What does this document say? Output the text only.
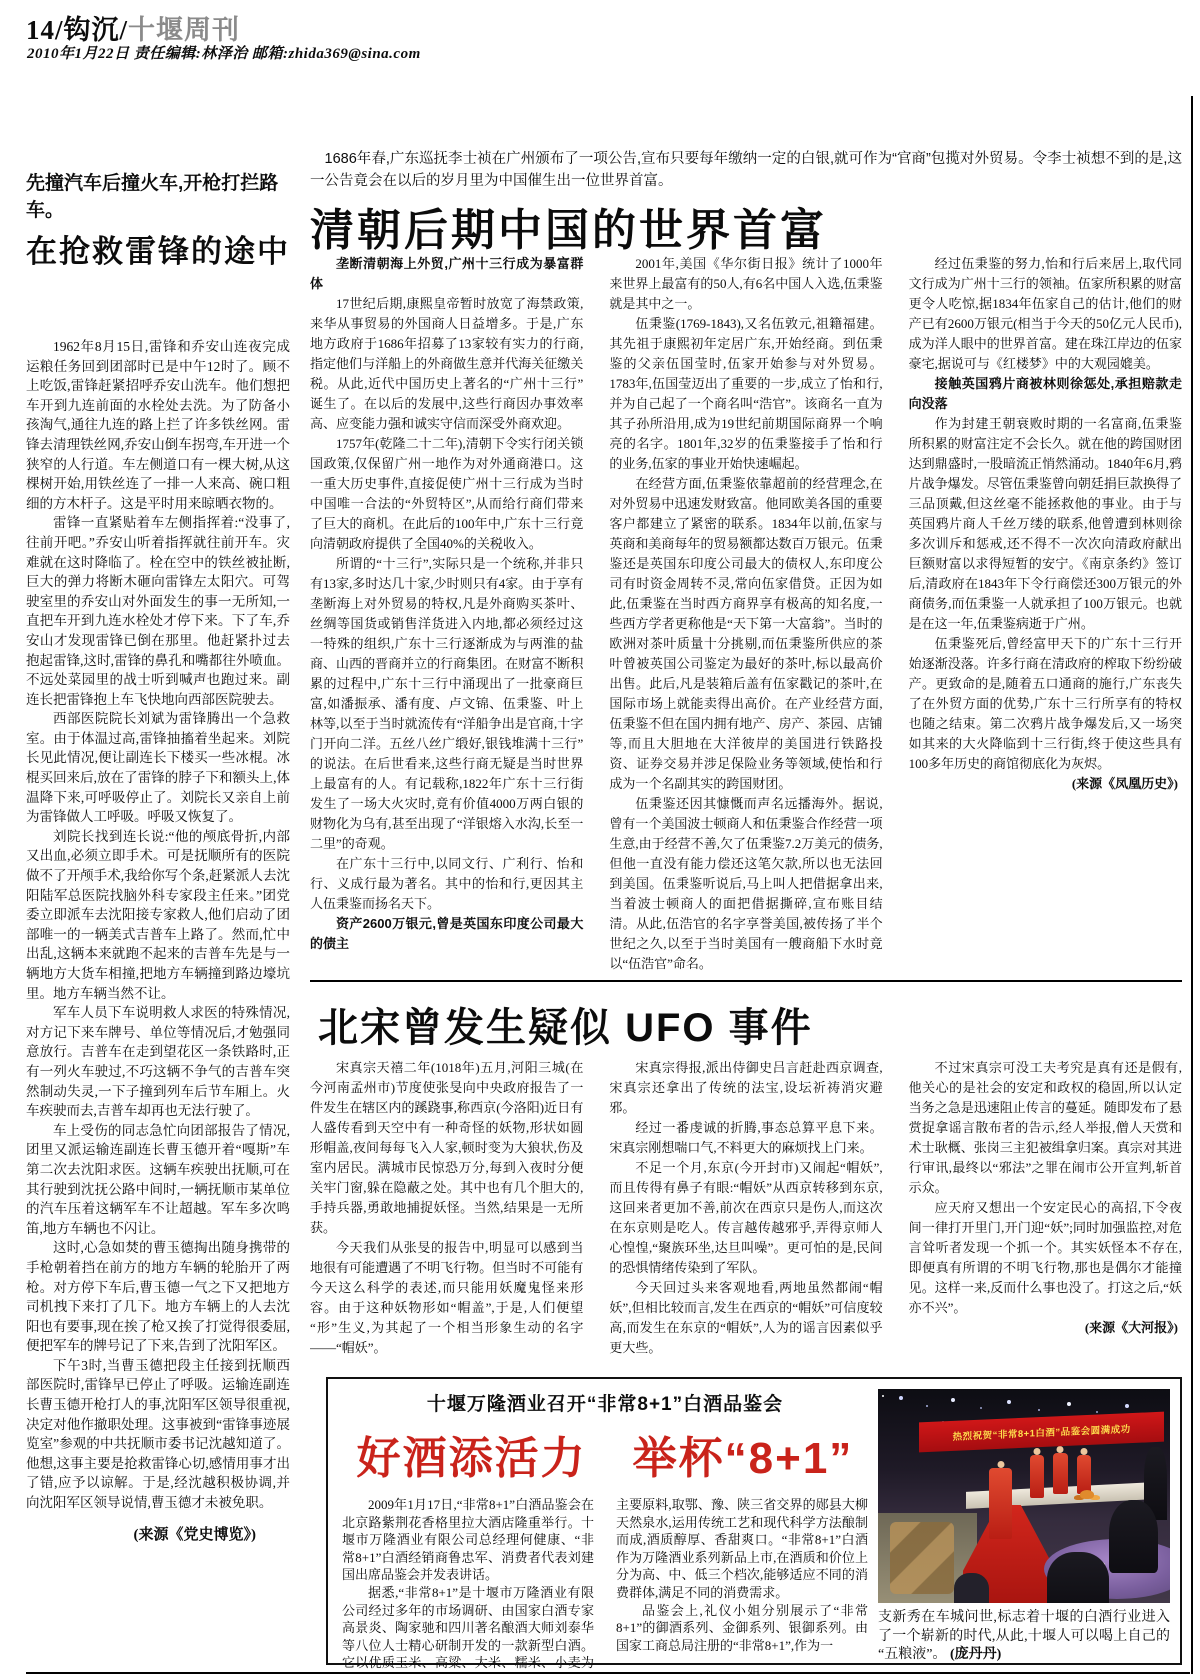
14/钩沉/十堰周刊
2010年1月22日 责任编辑:林泽治 邮箱:zhida369@sina.com
先撞汽车后撞火车,开枪打拦路车。
在抢救雷锋的途中

1962年8月15日,雷锋和乔安山连夜完成运粮任务回到团部时已是中午12时了。顾不上吃饭,雷锋赶紧招呼乔安山洗车。他们想把车开到九连前面的水栓处去洗。为了防备小孩淘气,通往九连的路上拦了许多铁丝网。雷锋去清理铁丝网,乔安山倒车拐弯,车开进一个狭窄的人行道。车左侧道口有一棵大树,从这棵树开始,用铁丝连了一排一人来高、碗口粗细的方木杆子。这是平时用来晾晒衣物的。

雷锋一直紧贴着车左侧指挥着:“没事了,往前开吧。”乔安山听着指挥就往前开车。灾难就在这时降临了。栓在空中的铁丝被扯断,巨大的弹力将断木砸向雷锋左太阳穴。可驾驶室里的乔安山对外面发生的事一无所知,一直把车开到九连水栓处才停下来。下了车,乔安山才发现雷锋已倒在那里。他赶紧扑过去抱起雷锋,这时,雷锋的鼻孔和嘴都往外喷血。不远处菜园里的战士听到喊声也跑过来。副连长把雷锋抱上车飞快地向西部医院驶去。

西部医院院长刘斌为雷锋腾出一个急救室。由于体温过高,雷锋抽搐着坐起来。刘院长见此情况,便让副连长下楼买一些冰棍。冰棍买回来后,放在了雷锋的脖子下和额头上,体温降下来,可呼吸停止了。刘院长又亲自上前为雷锋做人工呼吸。呼吸又恢复了。

刘院长找到连长说:“他的颅底骨折,内部又出血,必须立即手术。可是抚顺所有的医院做不了开颅手术,我给你写个条,赶紧派人去沈阳陆军总医院找脑外科专家段主任来。”团党委立即派车去沈阳接专家救人,他们启动了团部唯一的一辆美式吉普车上路了。然而,忙中出乱,这辆本来就跑不起来的吉普车先是与一辆地方大货车相撞,把地方车辆撞到路边壕坑里。地方车辆当然不让。

军车人员下车说明救人求医的特殊情况,对方记下来车牌号、单位等情况后,才勉强同意放行。吉普车在走到望花区一条铁路时,正有一列火车驶过,不巧这辆不争气的吉普车突然制动失灵,一下子撞到列车后节车厢上。火车疾驶而去,吉普车却再也无法行驶了。

车上受伤的同志急忙向团部报告了情况,团里又派运输连副连长曹玉德开着“嘎斯”车第二次去沈阳求医。这辆车疾驶出抚顺,可在其行驶到沈抚公路中间时,一辆抚顺市某单位的汽车压着这辆军车不让超越。军车多次鸣笛,地方车辆也不闪让。

这时,心急如焚的曹玉德掏出随身携带的手枪朝着挡在前方的地方车辆的轮胎开了两枪。对方停下车后,曹玉德一气之下又把地方司机拽下来打了几下。地方车辆上的人去沈阳也有要事,现在挨了枪又挨了打觉得很委屈,便把军车的牌号记了下来,告到了沈阳军区。

下午3时,当曹玉德把段主任接到抚顺西部医院时,雷锋早已停止了呼吸。运输连副连长曹玉德开枪打人的事,沈阳军区领导很重视,决定对他作撤职处理。这事被到“雷锋事迹展览室”参观的中共抚顺市委书记沈越知道了。他想,这事主要是抢救雷锋心切,感情用事才出了错,应予以谅解。于是,经沈越积极协调,并向沈阳军区领导说情,曹玉德才未被免职。

(来源《党史博览》)
1686年春,广东巡抚李士祯在广州颁布了一项公告,宣布只要每年缴纳一定的白银,就可作为“官商”包揽对外贸易。令李士祯想不到的是,这一公告竟会在以后的岁月里为中国催生出一位世界首富。
清朝后期中国的世界首富

垄断清朝海上外贸,广州十三行成为暴富群体

17世纪后期,康熙皇帝暂时放宽了海禁政策,来华从事贸易的外国商人日益增多。于是,广东地方政府于1686年招募了13家较有实力的行商,指定他们与洋船上的外商做生意并代海关征缴关税。从此,近代中国历史上著名的“广州十三行”诞生了。在以后的发展中,这些行商因办事效率高、应变能力强和诚实守信而深受外商欢迎。

1757年(乾隆二十二年),清朝下令实行闭关锁国政策,仅保留广州一地作为对外通商港口。这一重大历史事件,直接促使广州十三行成为当时中国唯一合法的“外贸特区”,从而给行商们带来了巨大的商机。在此后的100年中,广东十三行竟向清朝政府提供了全国40%的关税收入。

所谓的“十三行”,实际只是一个统称,并非只有13家,多时达几十家,少时则只有4家。由于享有垄断海上对外贸易的特权,凡是外商购买茶叶、丝绸等国货或销售洋货进入内地,都必须经过这一特殊的组织,广东十三行逐渐成为与两淮的盐商、山西的晋商并立的行商集团。在财富不断积累的过程中,广东十三行中涌现出了一批豪商巨富,如潘振承、潘有度、卢文锦、伍秉鉴、叶上林等,以至于当时就流传有“洋船争出是官商,十字门开向二洋。五丝八丝广缎好,银钱堆满十三行”的说法。在后世看来,这些行商无疑是当时世界上最富有的人。有记载称,1822年广东十三行街发生了一场大火灾时,竟有价值4000万两白银的财物化为乌有,甚至出现了“洋银熔入水沟,长至一二里”的奇观。

在广东十三行中,以同文行、广利行、怡和行、义成行最为著名。其中的怡和行,更因其主人伍秉鉴而扬名天下。

资产2600万银元,曾是英国东印度公司最大的债主

2001年,美国《华尔街日报》统计了1000年来世界上最富有的50人,有6名中国人入选,伍秉鉴就是其中之一。

伍秉鉴(1769-1843),又名伍敦元,祖籍福建。其先祖于康熙初年定居广东,开始经商。到伍秉鉴的父亲伍国莹时,伍家开始参与对外贸易。1783年,伍国莹迈出了重要的一步,成立了怡和行,并为自己起了一个商名叫“浩官”。该商名一直为其子孙所沿用,成为19世纪前期国际商界一个响亮的名字。1801年,32岁的伍秉鉴接手了怡和行的业务,伍家的事业开始快速崛起。

在经营方面,伍秉鉴依靠超前的经营理念,在对外贸易中迅速发财致富。他同欧美各国的重要客户都建立了紧密的联系。1834年以前,伍家与英商和美商每年的贸易额都达数百万银元。伍秉鉴还是英国东印度公司最大的债权人,东印度公司有时资金周转不灵,常向伍家借贷。正因为如此,伍秉鉴在当时西方商界享有极高的知名度,一些西方学者更称他是“天下第一大富翁”。当时的欧洲对茶叶质量十分挑剔,而伍秉鉴所供应的茶叶曾被英国公司鉴定为最好的茶叶,标以最高价出售。此后,凡是装箱后盖有伍家戳记的茶叶,在国际市场上就能卖得出高价。在产业经营方面,伍秉鉴不但在国内拥有地产、房产、茶园、店铺等,而且大胆地在大洋彼岸的美国进行铁路投资、证券交易并涉足保险业务等领域,使怡和行成为一个名副其实的跨国财团。

伍秉鉴还因其慷慨而声名远播海外。据说,曾有一个美国波士顿商人和伍秉鉴合作经营一项生意,由于经营不善,欠了伍秉鉴7.2万美元的债务,但他一直没有能力偿还这笔欠款,所以也无法回到美国。伍秉鉴听说后,马上叫人把借据拿出来,当着波士顿商人的面把借据撕碎,宣布账目结清。从此,伍浩官的名字享誉美国,被传扬了半个世纪之久,以至于当时美国有一艘商船下水时竟以“伍浩官”命名。

经过伍秉鉴的努力,怡和行后来居上,取代同文行成为广州十三行的领袖。伍家所积累的财富更令人吃惊,据1834年伍家自己的估计,他们的财产已有2600万银元(相当于今天的50亿元人民币),成为洋人眼中的世界首富。建在珠江岸边的伍家豪宅,据说可与《红楼梦》中的大观园媲美。

接触英国鸦片商被林则徐惩处,承担赔款走向没落

作为封建王朝衰败时期的一名富商,伍秉鉴所积累的财富注定不会长久。就在他的跨国财团达到鼎盛时,一股暗流正悄然涌动。1840年6月,鸦片战争爆发。尽管伍秉鉴曾向朝廷捐巨款换得了三品顶戴,但这丝毫不能拯救他的事业。由于与英国鸦片商人千丝万缕的联系,他曾遭到林则徐多次训斥和惩戒,还不得不一次次向清政府献出巨额财富以求得短暂的安宁。《南京条约》签订后,清政府在1843年下令行商偿还300万银元的外商债务,而伍秉鉴一人就承担了100万银元。也就是在这一年,伍秉鉴病逝于广州。

伍秉鉴死后,曾经富甲天下的广东十三行开始逐渐没落。许多行商在清政府的榨取下纷纷破产。更致命的是,随着五口通商的施行,广东丧失了在外贸方面的优势,广东十三行所享有的特权也随之结束。第二次鸦片战争爆发后,又一场突如其来的大火降临到十三行街,终于使这些具有100多年历史的商馆彻底化为灰烬。

(来源《凤凰历史》)

北宋曾发生疑似 UFO 事件

宋真宗天禧二年(1018年)五月,河阳三城(在今河南孟州市)节度使张旻向中央政府报告了一件发生在辖区内的蹊跷事,称西京(今洛阳)近日有人盛传看到天空中有一种奇怪的妖物,形状如圆形帽盖,夜间每每飞入人家,顿时变为大狼状,伤及室内居民。满城市民惊恐万分,每到入夜时分便关牢门窗,躲在隐蔽之处。其中也有几个胆大的,手持兵器,勇敢地捕捉妖怪。当然,结果是一无所获。

今天我们从张旻的报告中,明显可以感到当地很有可能遭遇了不明飞行物。但当时不可能有今天这么科学的表述,而只能用妖魔鬼怪来形容。由于这种妖物形如“帽盖”,于是,人们便望“形”生义,为其起了一个相当形象生动的名字——“帽妖”。

宋真宗得报,派出侍御史吕言赶赴西京调查,宋真宗还拿出了传统的法宝,设坛祈祷消灾避邪。

经过一番虔诚的折腾,事态总算平息下来。宋真宗刚想喘口气,不料更大的麻烦找上门来。

不足一个月,东京(今开封市)又闹起“帽妖”,而且传得有鼻子有眼:“帽妖”从西京转移到东京,这回来者更加不善,前次在西京只是伤人,而这次在东京则是吃人。传言越传越邪乎,弄得京师人心惶惶,“聚族环坐,达旦叫噪”。更可怕的是,民间的恐惧情绪传染到了军队。

今天回过头来客观地看,两地虽然都闹“帽妖”,但相比较而言,发生在西京的“帽妖”可信度较高,而发生在东京的“帽妖”,人为的谣言因素似乎更大些。

不过宋真宗可没工夫考究是真有还是假有,他关心的是社会的安定和政权的稳固,所以认定当务之急是迅速阻止传言的蔓延。随即发布了悬赏捉拿谣言散布者的告示,经人举报,僧人天赏和术士耿概、张岗三主犯被缉拿归案。真宗对其进行审讯,最终以“邪法”之罪在闹市公开宣判,斩首示众。

应天府又想出一个安定民心的高招,下令夜间一律打开里门,开门迎“妖”;同时加强监控,对危言耸听者发现一个抓一个。其实妖怪本不存在,即便真有所谓的不明飞行物,那也是偶尔才能撞见。这样一来,反而什么事也没了。打这之后,“妖亦不兴”。

(来源《大河报》)

十堰万隆酒业召开“非常8+1”白酒品鉴会
好酒添活力　举杯“8+1”

2009年1月17日,“非常8+1”白酒品鉴会在北京路紫荆花香格里拉大酒店隆重举行。十堰市万隆酒业有限公司总经理何健康、“非常8+1”白酒经销商鲁忠军、消费者代表刘建国出席品鉴会并发表讲话。

据悉,“非常8+1”是十堰市万隆酒业有限公司经过多年的市场调研、由国家白酒专家高景炎、陶家驰和四川著名酿酒大师刘泰华等八位人士精心研制开发的一款新型白酒。它以优质玉米、高粱、大米、糯米、小麦为主要原料,取鄂、豫、陕三省交界的郧县大柳天然泉水,运用传统工艺和现代科学方法酿制而成,酒质醇厚、香甜爽口。“非常8+1”白酒作为万隆酒业系列新品上市,在酒质和价位上分为高、中、低三个档次,能够适应不同的消费群体,满足不同的消费需求。

品鉴会上,礼仪小姐分别展示了“非常8+1”的御酒系列、金御系列、银御系列。由国家工商总局注册的“非常8+1”,作为一

热烈祝贺“非常8+1白酒”品鉴会圆满成功
支新秀在车城问世,标志着十堰的白酒行业进入了一个崭新的时代,从此,十堰人可以喝上自己的“五粮液”。 (庞丹丹)
